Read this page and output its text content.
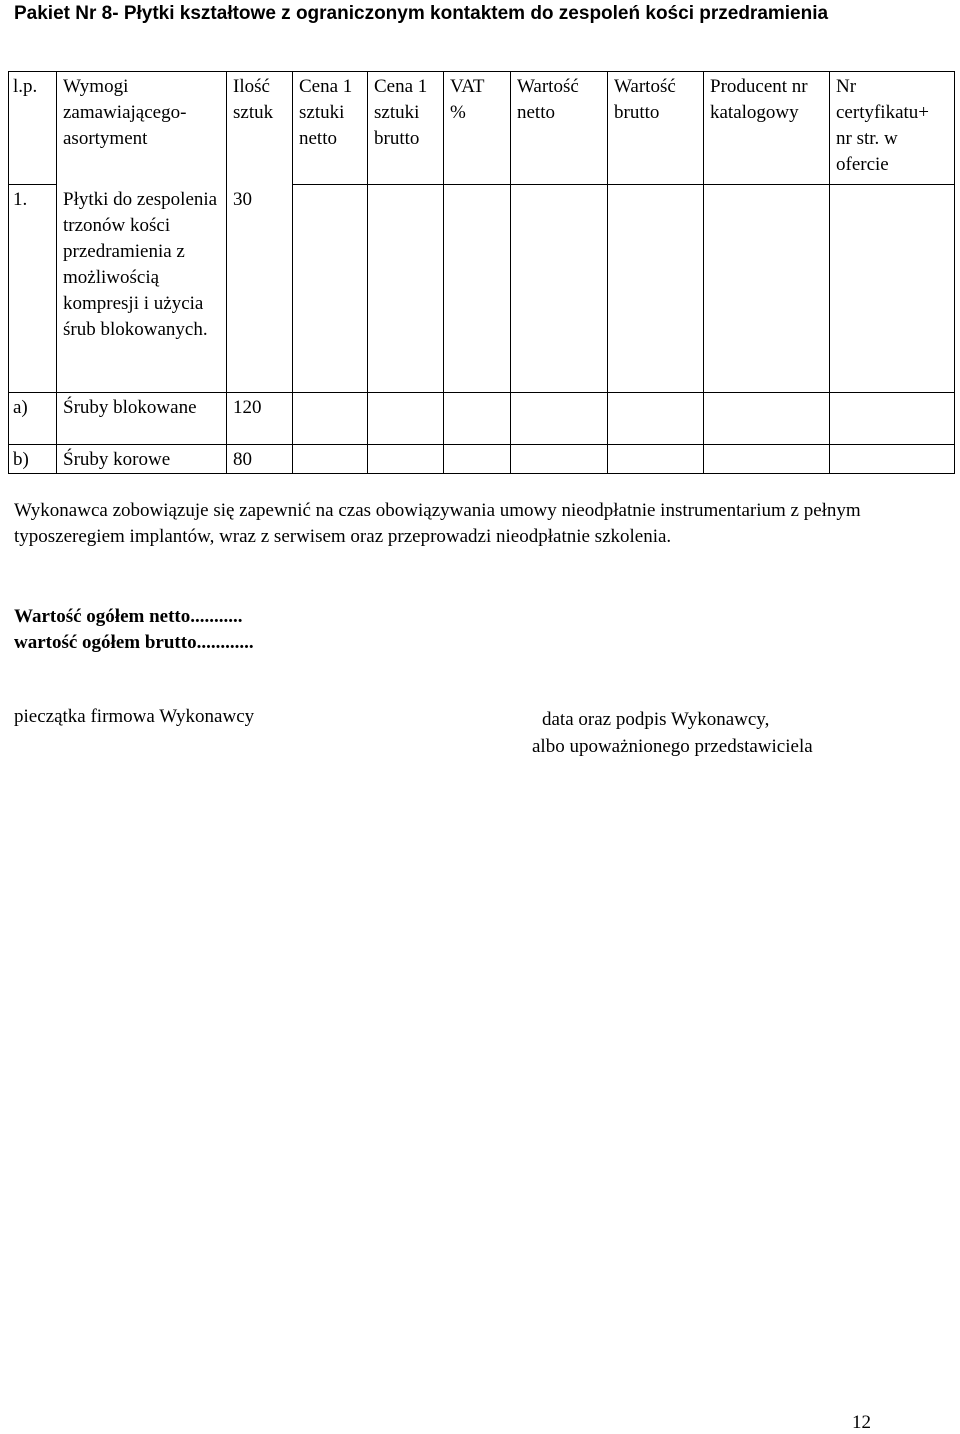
Pakiet Nr 8- Płytki kształtowe z ograniczonym kontaktem do zespoleń kości przedramienia
l.p.	Wymogi zamawiającego- asortyment	Ilość sztuk	Cena 1 sztuki netto	Cena 1 sztuki brutto	VAT %	Wartość netto	Wartość brutto	Producent nr katalogowy	Nr certyfikatu+ nr str. w ofercie
1.	Płytki do zespolenia trzonów kości przedramienia z możliwością kompresji i użycia śrub blokowanych.	30							
a)	Śruby blokowane	120							
b)	Śruby korowe	80							
Wykonawca zobowiązuje się zapewnić na czas obowiązywania umowy nieodpłatnie instrumentarium z pełnym typoszeregiem implantów, wraz z serwisem oraz przeprowadzi nieodpłatnie szkolenia.
Wartość ogółem netto...........
wartość ogółem brutto............
pieczątka firmowa Wykonawcy	data oraz podpis Wykonawcy,
albo upoważnionego przedstawiciela
12
